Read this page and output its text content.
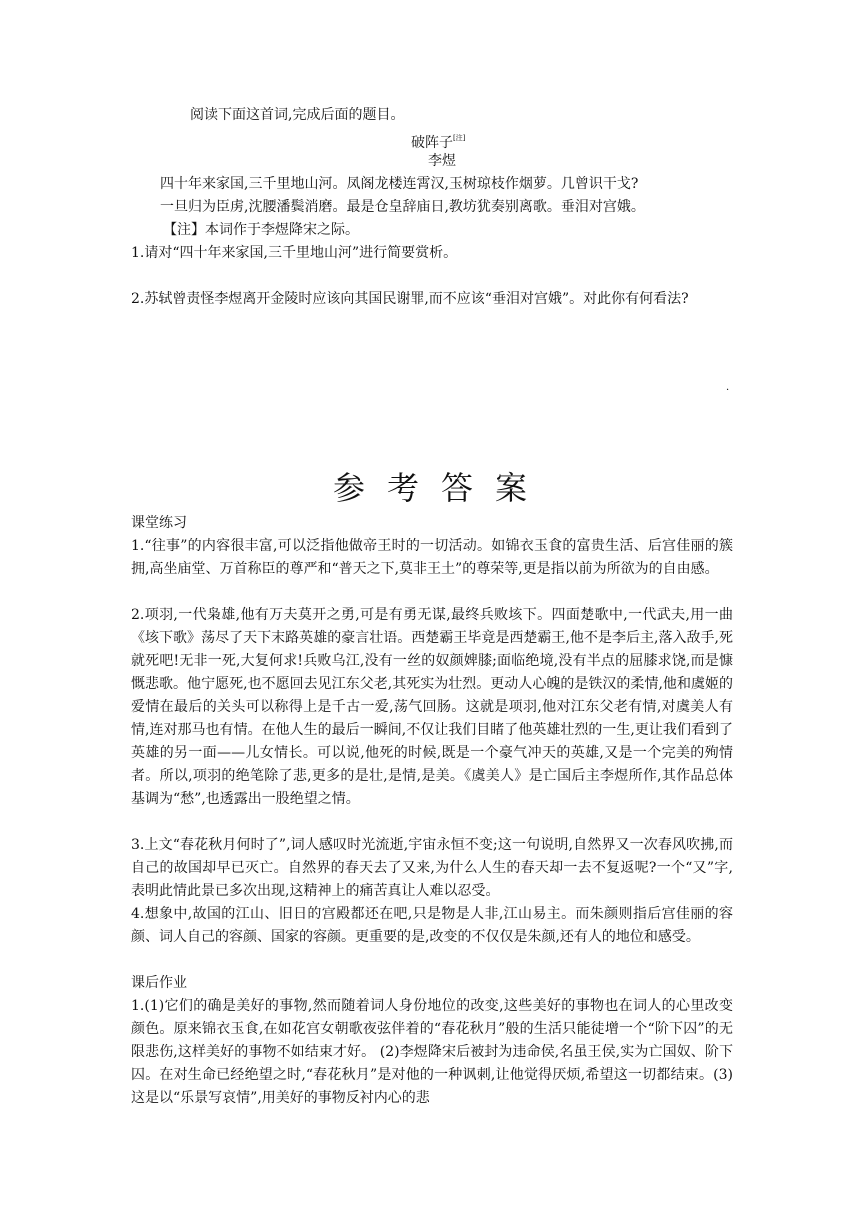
阅读下面这首词,完成后面的题目。
破阵子[注]
李煜
四十年来家国,三千里地山河。凤阁龙楼连霄汉,玉树琼枝作烟萝。几曾识干戈?
一旦归为臣虏,沈腰潘鬓消磨。最是仓皇辞庙日,教坊犹奏别离歌。垂泪对宫娥。
【注】本词作于李煜降宋之际。
1.请对“四十年来家国,三千里地山河”进行简要赏析。
2.苏轼曾责怪李煜离开金陵时应该向其国民谢罪,而不应该“垂泪对宫娥”。对此你有何看法?
·
参考答案
课堂练习
1.“往事”的内容很丰富,可以泛指他做帝王时的一切活动。如锦衣玉食的富贵生活、后宫佳丽的簇拥,高坐庙堂、万首称臣的尊严和“普天之下,莫非王土”的尊荣等,更是指以前为所欲为的自由感。
2.项羽,一代枭雄,他有万夫莫开之勇,可是有勇无谋,最终兵败垓下。四面楚歌中,一代武夫,用一曲《垓下歌》荡尽了天下末路英雄的豪言壮语。西楚霸王毕竟是西楚霸王,他不是李后主,落入敌手,死就死吧!无非一死,大复何求!兵败乌江,没有一丝的奴颜婢膝;面临绝境,没有半点的屈膝求饶,而是慷慨悲歌。他宁愿死,也不愿回去见江东父老,其死实为壮烈。更动人心魄的是铁汉的柔情,他和虞姬的爱情在最后的关头可以称得上是千古一爱,荡气回肠。这就是项羽,他对江东父老有情,对虞美人有情,连对那马也有情。在他人生的最后一瞬间,不仅让我们目睹了他英雄壮烈的一生,更让我们看到了英雄的另一面——儿女情长。可以说,他死的时候,既是一个豪气冲天的英雄,又是一个完美的殉情者。所以,项羽的绝笔除了悲,更多的是壮,是情,是美。《虞美人》是亡国后主李煜所作,其作品总体基调为“愁”,也透露出一股绝望之情。
3.上文“春花秋月何时了”,词人感叹时光流逝,宇宙永恒不变;这一句说明,自然界又一次春风吹拂,而自己的故国却早已灭亡。自然界的春天去了又来,为什么人生的春天却一去不复返呢?一个“又”字,表明此情此景已多次出现,这精神上的痛苦真让人难以忍受。
4.想象中,故国的江山、旧日的宫殿都还在吧,只是物是人非,江山易主。而朱颜则指后宫佳丽的容颜、词人自己的容颜、国家的容颜。更重要的是,改变的不仅仅是朱颜,还有人的地位和感受。
课后作业
1.(1)它们的确是美好的事物,然而随着词人身份地位的改变,这些美好的事物也在词人的心里改变颜色。原来锦衣玉食,在如花宫女朝歌夜弦伴着的“春花秋月”般的生活只能徒增一个“阶下囚”的无限悲伤,这样美好的事物不如结束才好。 (2)李煜降宋后被封为违命侯,名虽王侯,实为亡国奴、阶下囚。在对生命已经绝望之时,“春花秋月”是对他的一种讽刺,让他觉得厌烦,希望这一切都结束。(3)这是以“乐景写哀情”,用美好的事物反衬内心的悲
